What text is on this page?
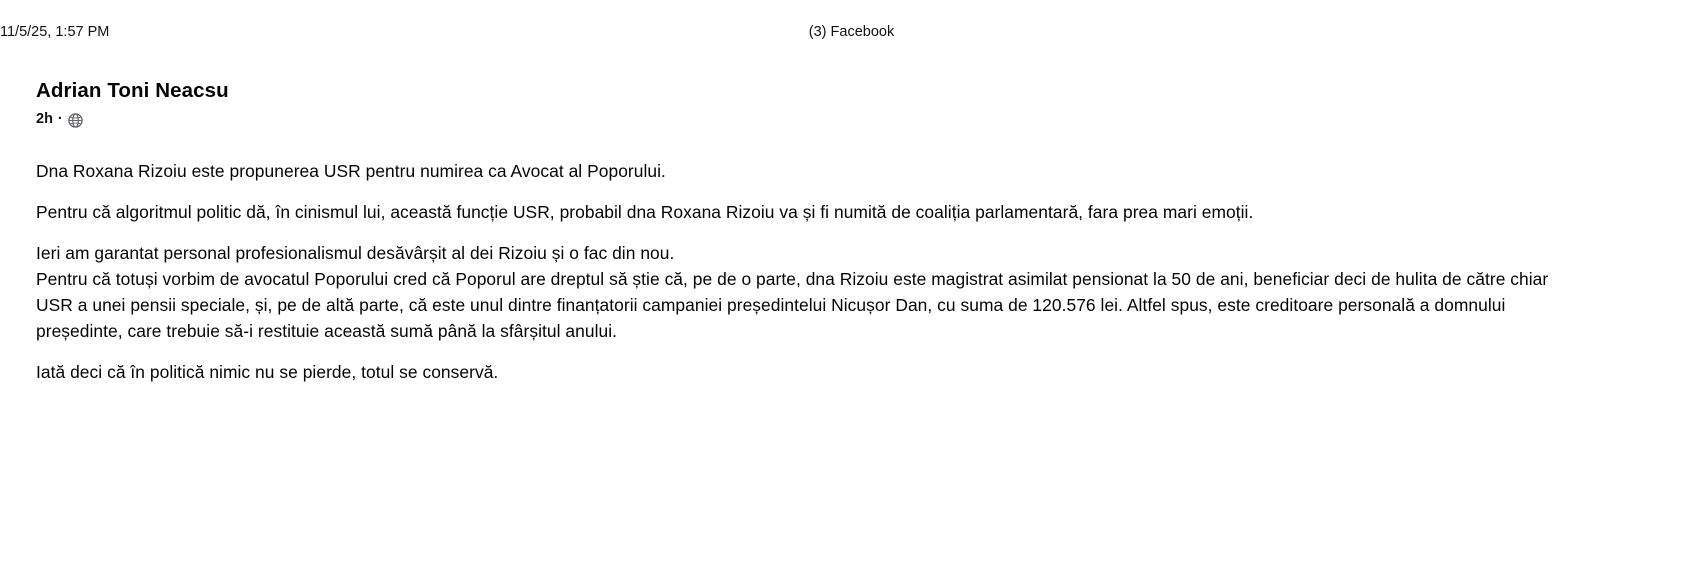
11/5/25, 1:57 PM	(3) Facebook
Adrian Toni Neacsu
2h ·

Dna Roxana Rizoiu este propunerea USR pentru numirea ca Avocat al Poporului.

Pentru că algoritmul politic dă, în cinismul lui, această funcție USR, probabil dna Roxana Rizoiu va și fi numită de coaliția parlamentară, fara prea mari emoții.

Ieri am garantat personal profesionalismul desăvârșit al dei Rizoiu și o fac din nou.

Pentru că totuși vorbim de avocatul Poporului cred că Poporul are dreptul să știe că, pe de o parte, dna Rizoiu este magistrat asimilat pensionat la 50 de ani, beneficiar deci de hulita de către chiar USR a unei pensii speciale, și, pe de altă parte, că este unul dintre finanțatorii campaniei președintelui Nicușor Dan, cu suma de 120.576 lei. Altfel spus, este creditoare personală a domnului președinte, care trebuie să-i restituie această sumă până la sfârșitul anului.

Iată deci că în politică nimic nu se pierde, totul se conservă.
